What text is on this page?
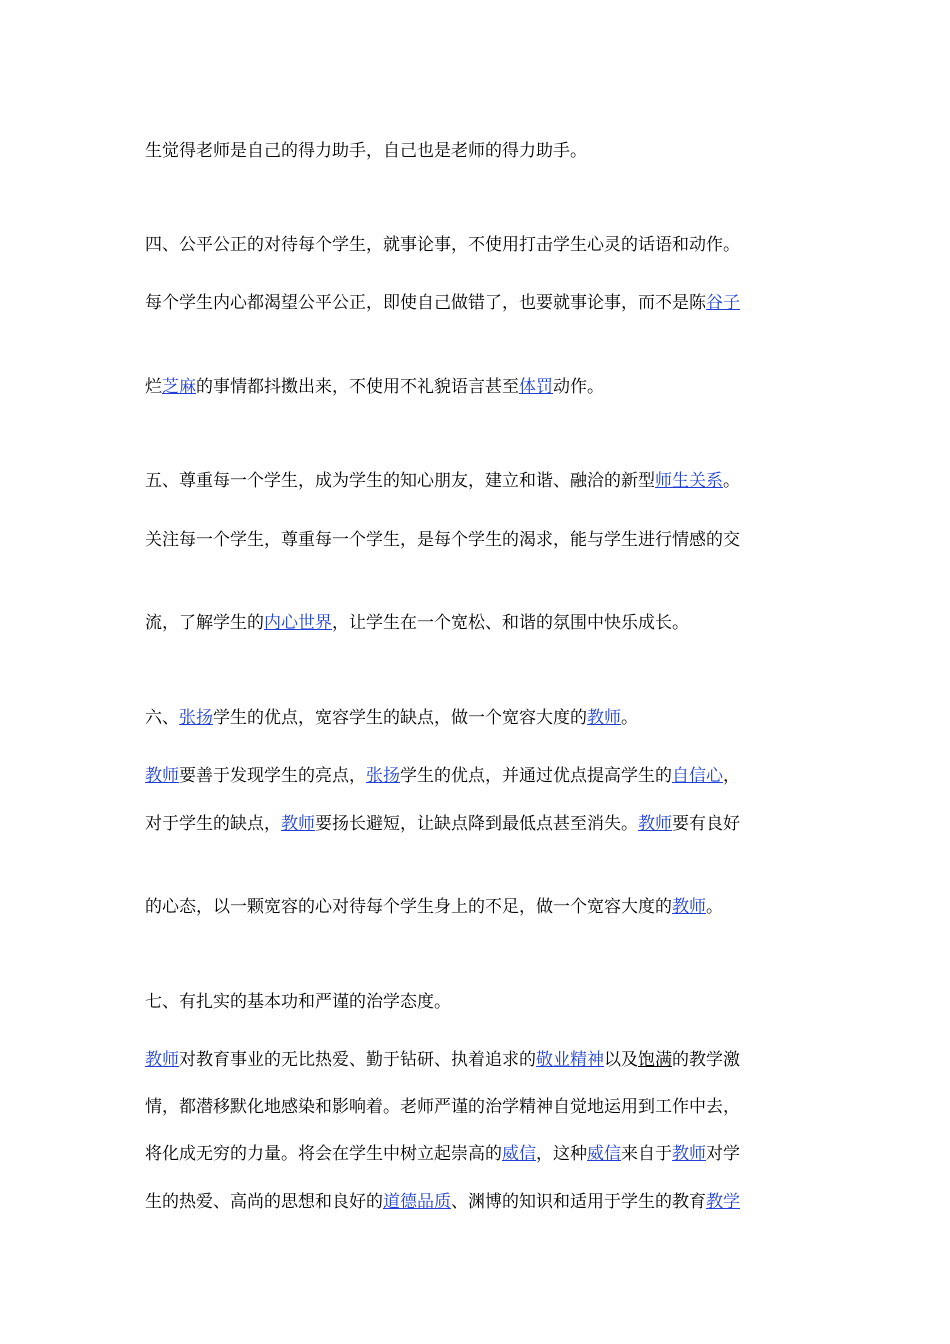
生觉得老师是自己的得力助手，自己也是老师的得力助手。
四、公平公正的对待每个学生，就事论事，不使用打击学生心灵的话语和动作。
每个学生内心都渴望公平公正，即使自己做错了，也要就事论事，而不是陈谷子
烂芝麻的事情都抖擞出来，不使用不礼貌语言甚至体罚动作。
五、尊重每一个学生，成为学生的知心朋友，建立和谐、融洽的新型师生关系。
关注每一个学生，尊重每一个学生，是每个学生的渴求，能与学生进行情感的交
流，了解学生的内心世界，让学生在一个宽松、和谐的氛围中快乐成长。
六、张扬学生的优点，宽容学生的缺点，做一个宽容大度的教师。
教师要善于发现学生的亮点，张扬学生的优点，并通过优点提高学生的自信心，
对于学生的缺点，教师要扬长避短，让缺点降到最低点甚至消失。教师要有良好
的心态，以一颗宽容的心对待每个学生身上的不足，做一个宽容大度的教师。
七、有扎实的基本功和严谨的治学态度。
教师对教育事业的无比热爱、勤于钻研、执着追求的敬业精神以及饱满的教学激
情，都潜移默化地感染和影响着。老师严谨的治学精神自觉地运用到工作中去，
将化成无穷的力量。将会在学生中树立起崇高的威信，这种威信来自于教师对学
生的热爱、高尚的思想和良好的道德品质、渊博的知识和适用于学生的教育教学
